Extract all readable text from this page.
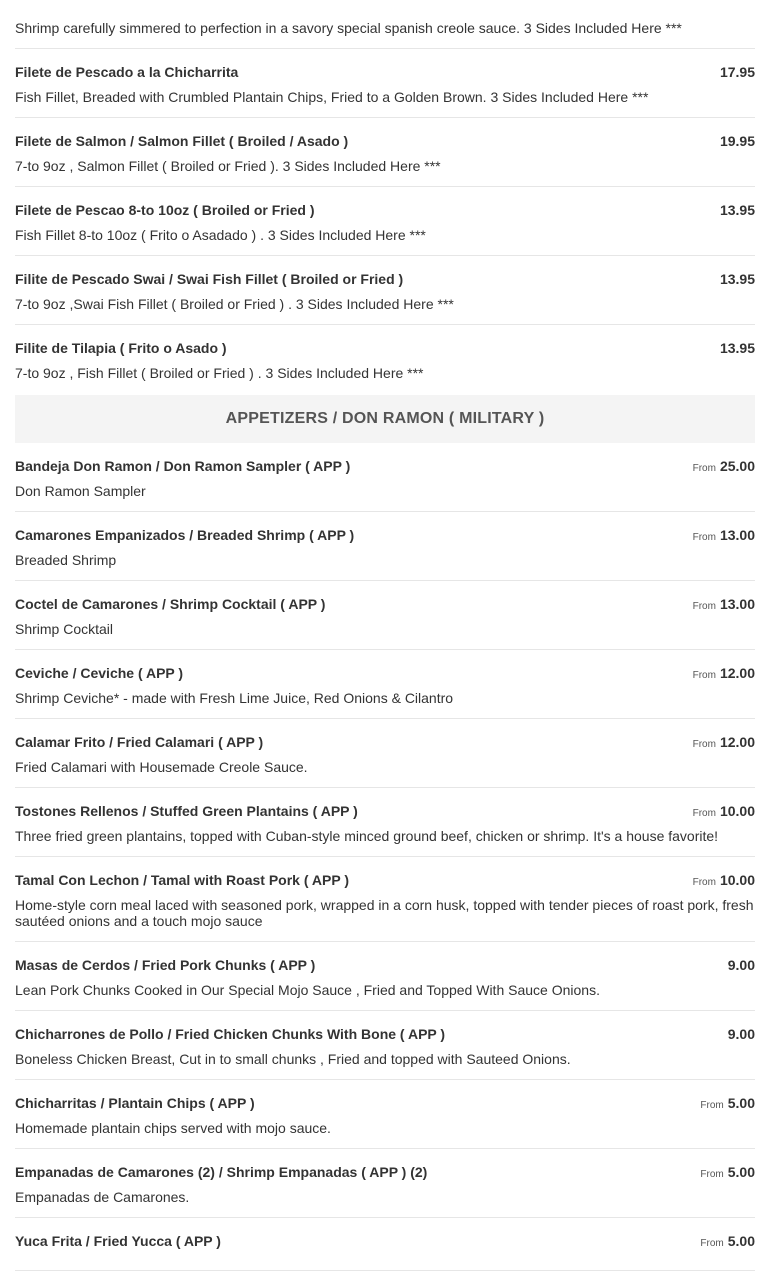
Shrimp carefully simmered to perfection in a savory special spanish creole sauce. 3 Sides Included Here ***
Filete de Pescado a la Chicharrita	17.95
Fish Fillet, Breaded with Crumbled Plantain Chips, Fried to a Golden Brown. 3 Sides Included Here ***
Filete de Salmon / Salmon Fillet ( Broiled / Asado )	19.95
7-to 9oz , Salmon Fillet ( Broiled or Fried ). 3 Sides Included Here ***
Filete de Pescao 8-to 10oz ( Broiled or Fried )	13.95
Fish Fillet 8-to 10oz ( Frito o Asadado ) . 3 Sides Included Here ***
Filite de Pescado Swai / Swai Fish Fillet ( Broiled or Fried )	13.95
7-to 9oz ,Swai Fish Fillet ( Broiled or Fried ) . 3 Sides Included Here ***
Filite de Tilapia ( Frito o Asado )	13.95
7-to 9oz , Fish Fillet ( Broiled or Fried ) . 3 Sides Included Here ***
APPETIZERS / DON RAMON ( MILITARY )
Bandeja Don Ramon / Don Ramon Sampler ( APP )	From 25.00
Don Ramon Sampler
Camarones Empanizados / Breaded Shrimp ( APP )	From 13.00
Breaded Shrimp
Coctel de Camarones / Shrimp Cocktail ( APP )	From 13.00
Shrimp Cocktail
Ceviche / Ceviche ( APP )	From 12.00
Shrimp Ceviche* - made with Fresh Lime Juice, Red Onions & Cilantro
Calamar Frito / Fried Calamari ( APP )	From 12.00
Fried Calamari with Housemade Creole Sauce.
Tostones Rellenos / Stuffed Green Plantains ( APP )	From 10.00
Three fried green plantains, topped with Cuban-style minced ground beef, chicken or shrimp. It's a house favorite!
Tamal Con Lechon / Tamal with Roast Pork ( APP )	From 10.00
Home-style corn meal laced with seasoned pork, wrapped in a corn husk, topped with tender pieces of roast pork, fresh sautéed onions and a touch mojo sauce
Masas de Cerdos / Fried Pork Chunks ( APP )	9.00
Lean Pork Chunks Cooked in Our Special Mojo Sauce , Fried and Topped With Sauce Onions.
Chicharrones de Pollo / Fried Chicken Chunks With Bone ( APP )	9.00
Boneless Chicken Breast, Cut in to small chunks , Fried and topped with Sauteed Onions.
Chicharritas / Plantain Chips ( APP )	From 5.00
Homemade plantain chips served with mojo sauce.
Empanadas de Camarones (2) / Shrimp Empanadas ( APP ) (2)	From 5.00
Empanadas de Camarones.
Yuca Frita / Fried Yucca ( APP )	From 5.00
